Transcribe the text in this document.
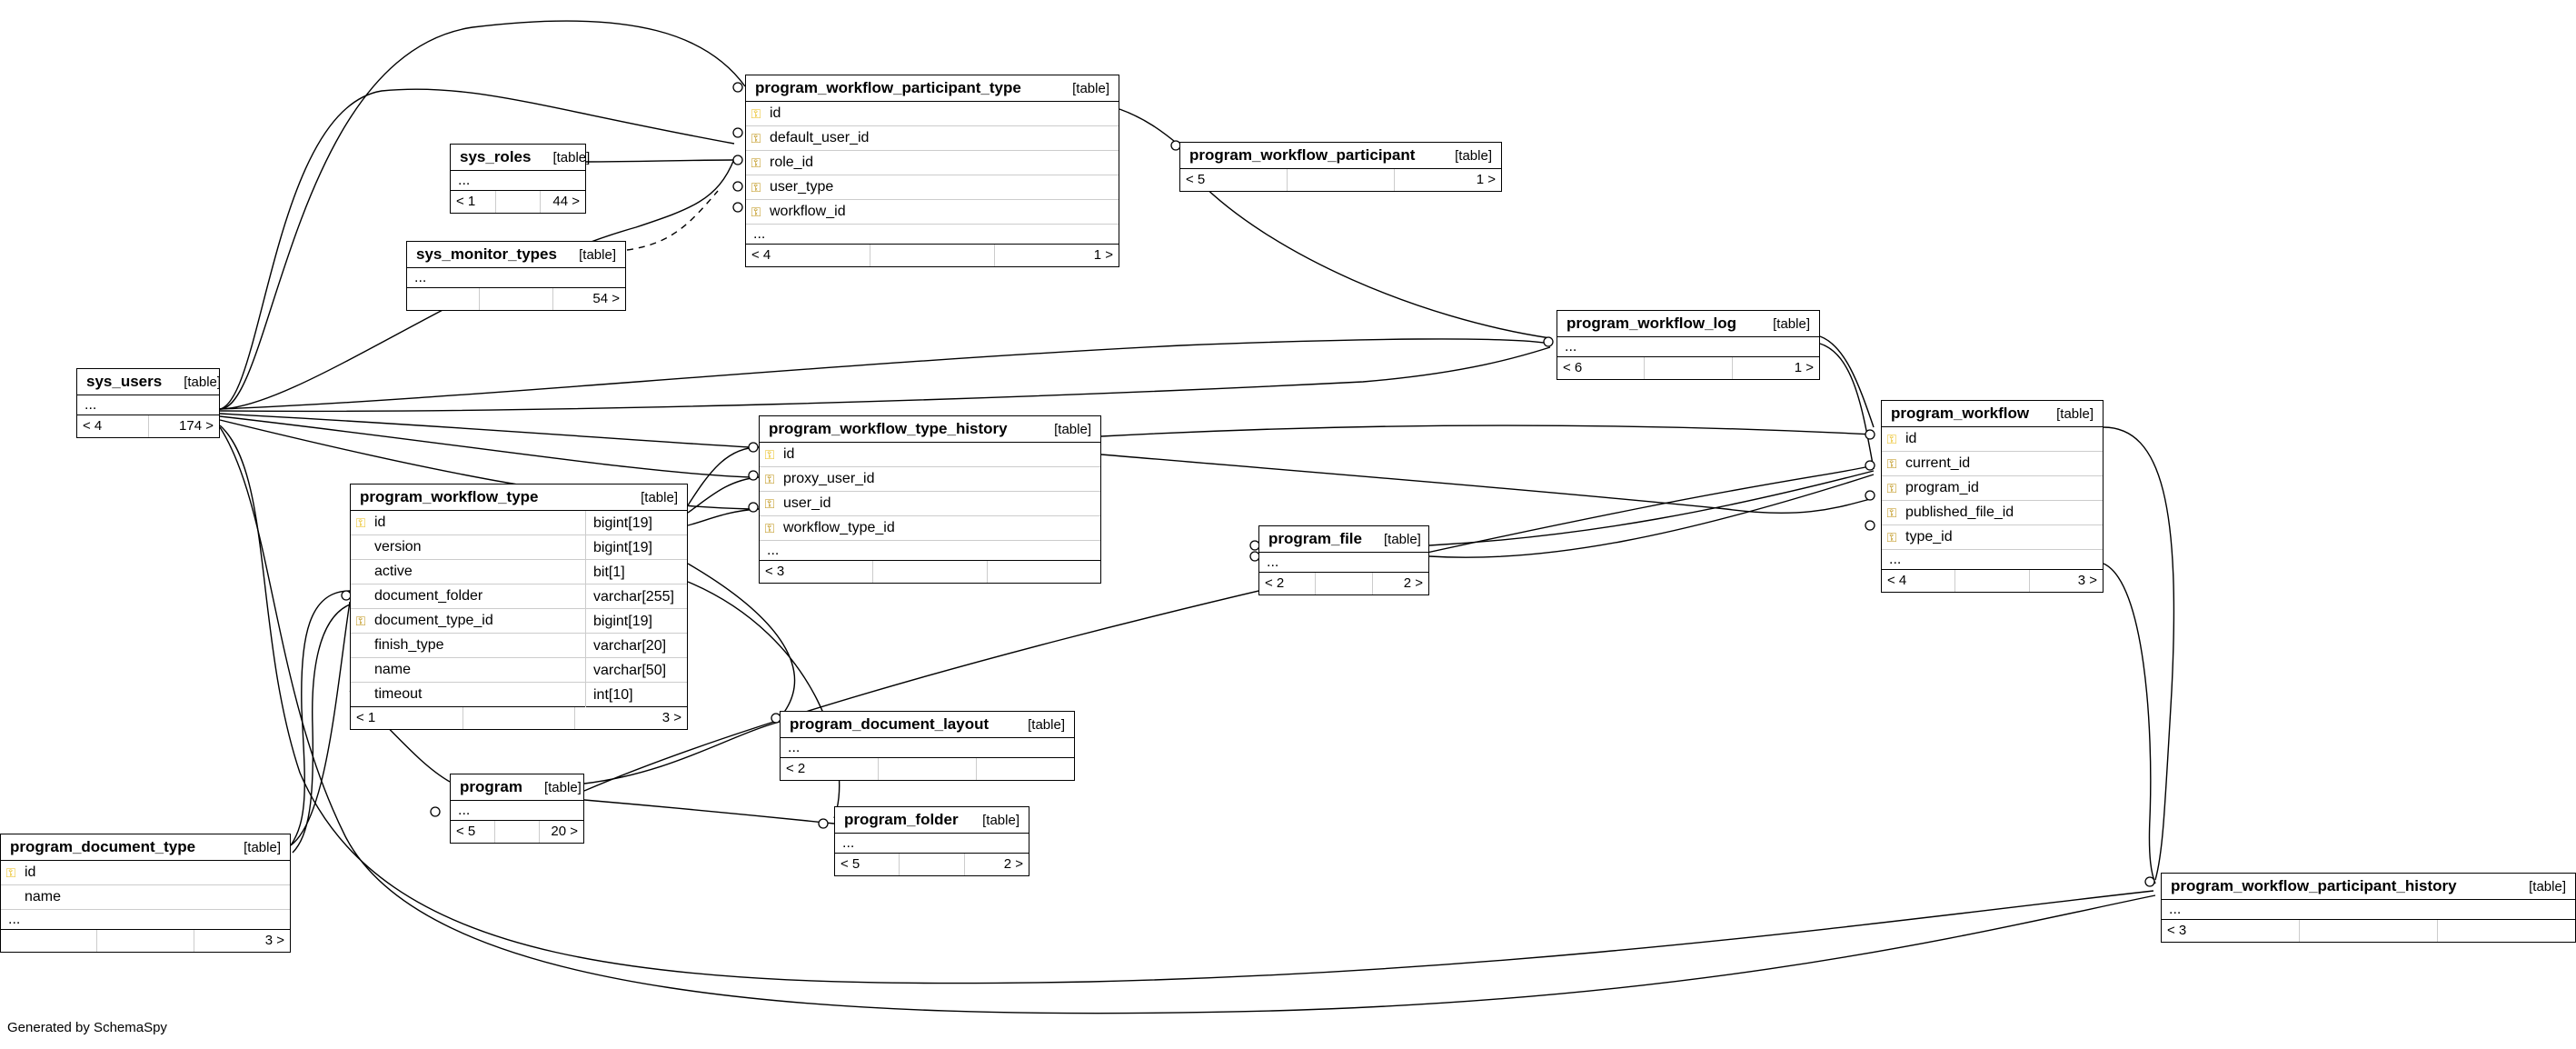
program_workflow_participant_type	[table]
⚿ id
⚿ default_user_id
⚿ role_id
⚿ user_type
⚿ workflow_id
...
< 4	1 >
sys_roles [table]
...
< 1	44 >
sys_monitor_types [table]
...
54 >
program_workflow_participant	[table]
< 5	1 >
program_workflow_log	[table]
...
< 6	1 >
program_workflow [table]
⚿ id
⚿ current_id
⚿ program_id
⚿ published_file_id
⚿ type_id
...
< 4	3 >
sys_users [table]
...
< 4	174 >	program_workflow_type_history	[table]
⚿ id
⚿ proxy_user_id
⚿ user_id
⚿ workflow_type_id
...
< 3
program_workflow_type	[table]
⚿ id	bigint[19]
version	bigint[19]
active	bit[1]
document_folder	varchar[255]
⚿ document_type_id	bigint[19]
finish_type	varchar[20]
name	varchar[50]
timeout	int[10]
< 1	3 >
program_file [table]
...
< 2	2 >
program_document_layout	[table]
...
< 2
program [table]
...
< 5	20 >
program_folder [table]
...
< 5	2 >
program_document_type	[table]
⚿ id
name
...
3 >
program_workflow_participant_history	[table]
...
< 3
Generated by SchemaSpy
